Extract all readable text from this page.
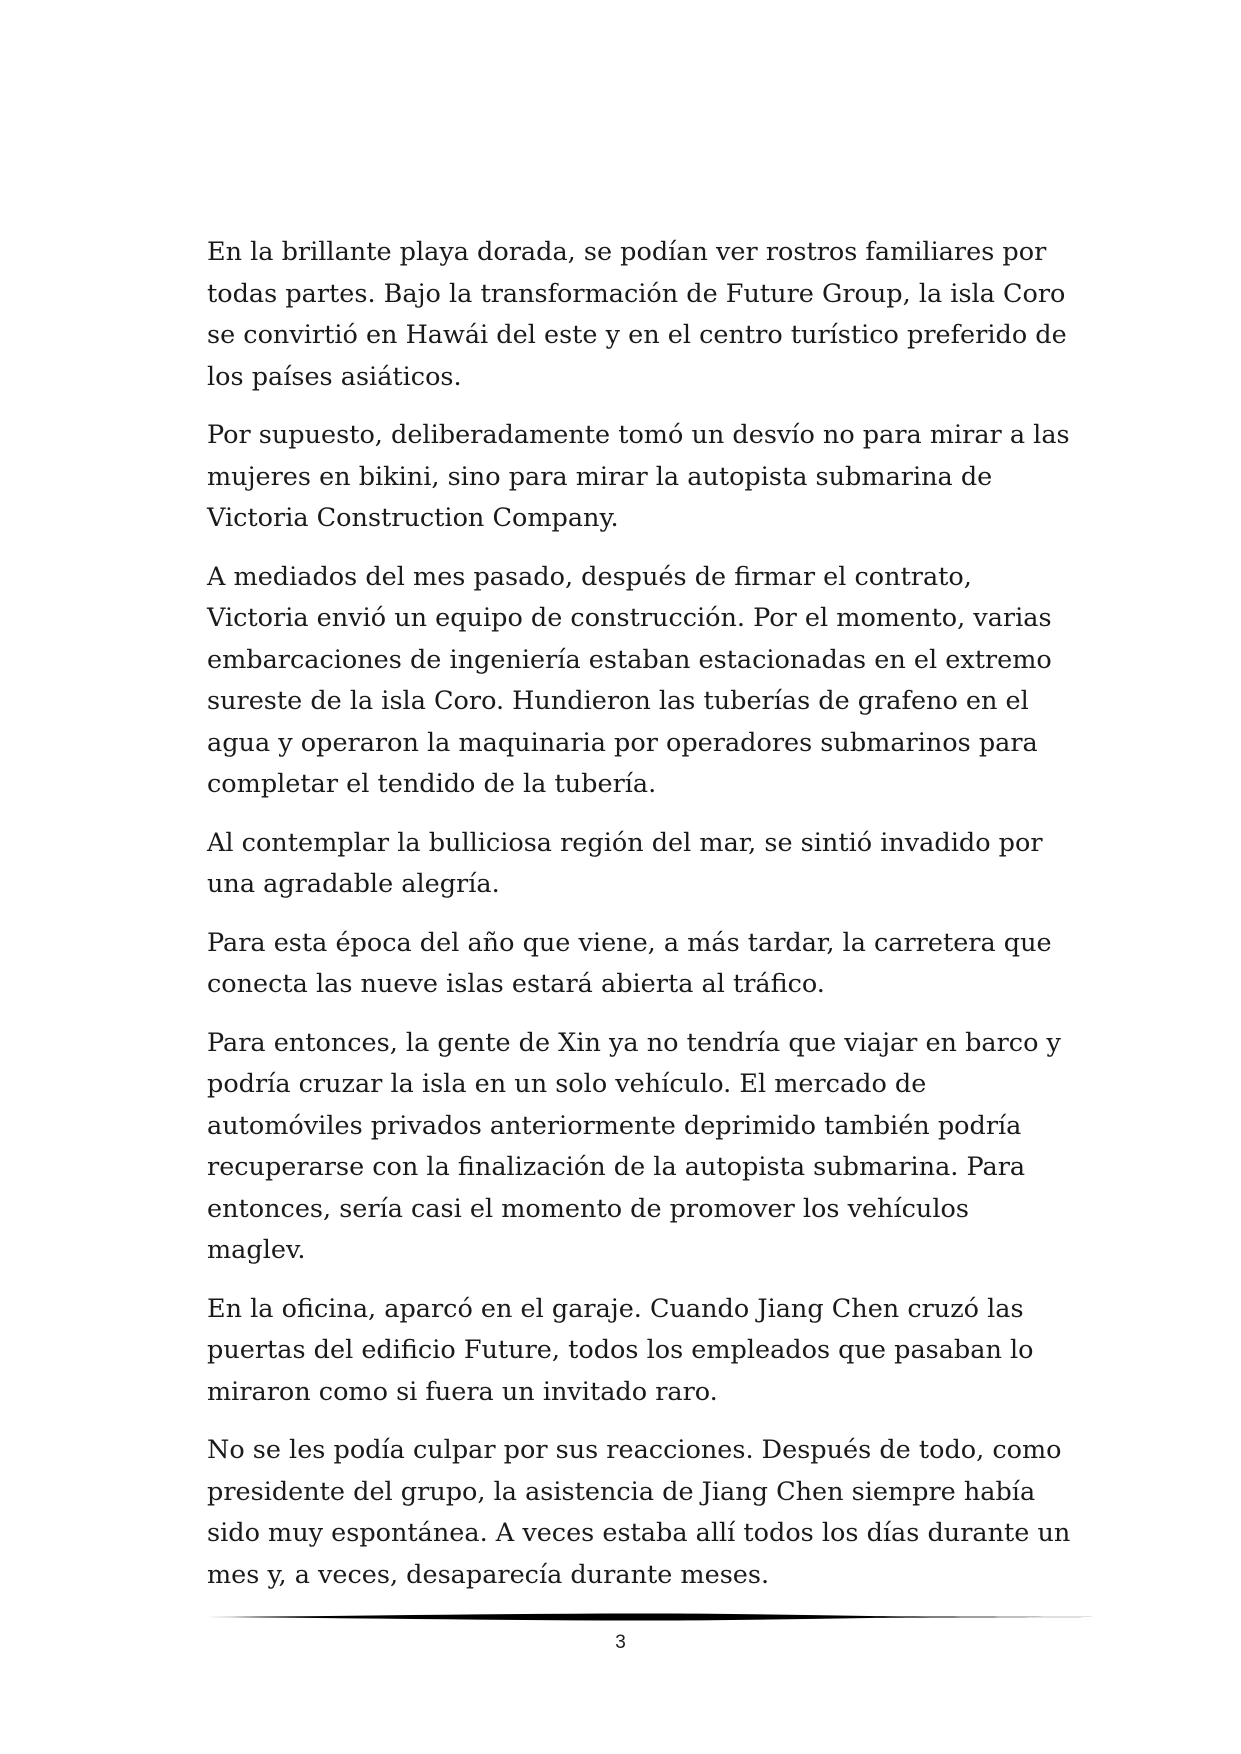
En la brillante playa dorada, se podían ver rostros familiares por todas partes. Bajo la transformación de Future Group, la isla Coro se convirtió en Hawái del este y en el centro turístico preferido de los países asiáticos.

Por supuesto, deliberadamente tomó un desvío no para mirar a las mujeres en bikini, sino para mirar la autopista submarina de Victoria Construction Company.

A mediados del mes pasado, después de firmar el contrato, Victoria envió un equipo de construcción. Por el momento, varias embarcaciones de ingeniería estaban estacionadas en el extremo sureste de la isla Coro. Hundieron las tuberías de grafeno en el agua y operaron la maquinaria por operadores submarinos para completar el tendido de la tubería.

Al contemplar la bulliciosa región del mar, se sintió invadido por una agradable alegría.

Para esta época del año que viene, a más tardar, la carretera que conecta las nueve islas estará abierta al tráfico.

Para entonces, la gente de Xin ya no tendría que viajar en barco y podría cruzar la isla en un solo vehículo. El mercado de automóviles privados anteriormente deprimido también podría recuperarse con la finalización de la autopista submarina. Para entonces, sería casi el momento de promover los vehículos maglev.

En la oficina, aparcó en el garaje. Cuando Jiang Chen cruzó las puertas del edificio Future, todos los empleados que pasaban lo miraron como si fuera un invitado raro.

No se les podía culpar por sus reacciones. Después de todo, como presidente del grupo, la asistencia de Jiang Chen siempre había sido muy espontánea. A veces estaba allí todos los días durante un mes y, a veces, desaparecía durante meses.

3
